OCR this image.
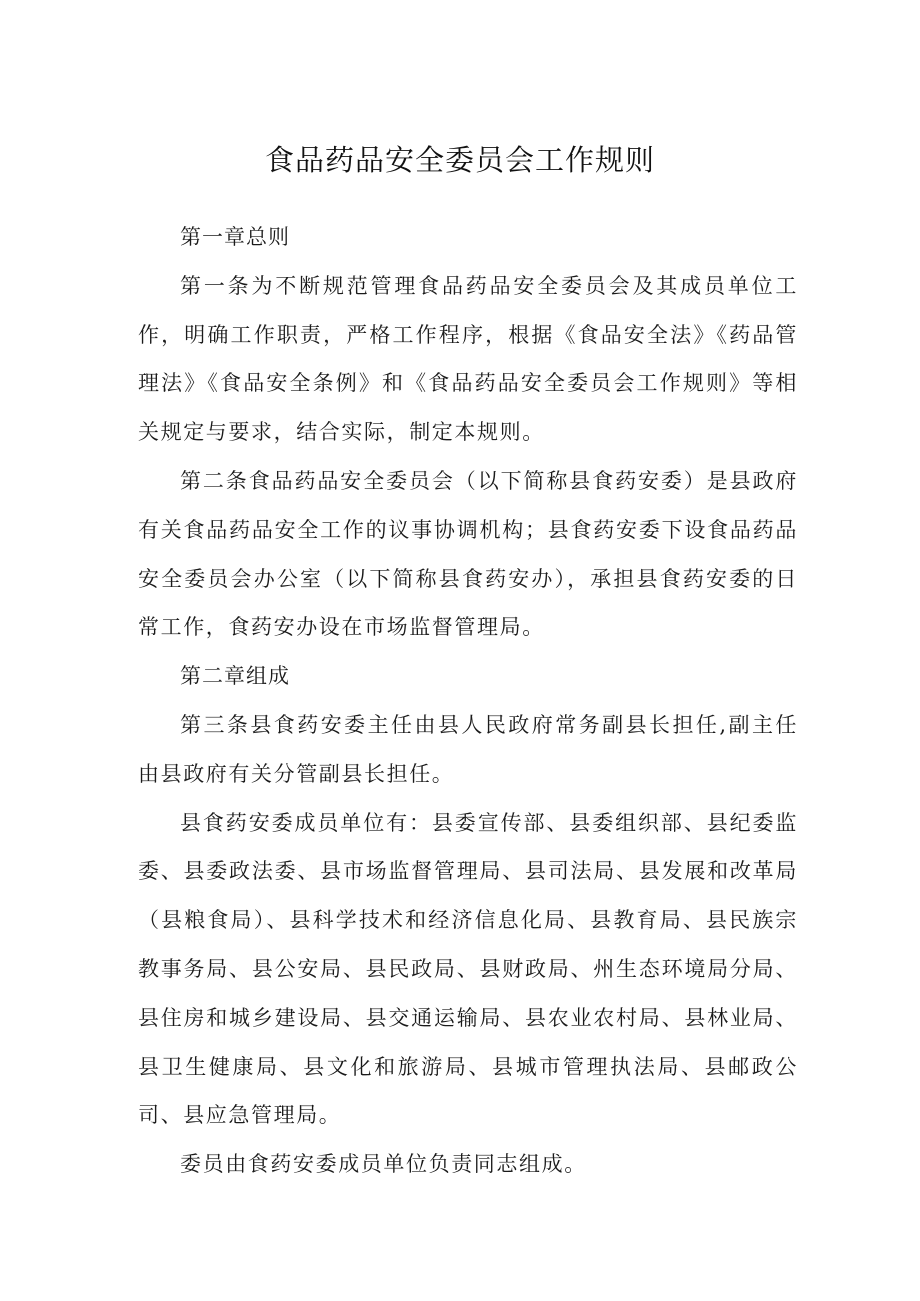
食品药品安全委员会工作规则

第一章总则

第一条为不断规范管理食品药品安全委员会及其成员单位工作，明确工作职责，严格工作程序，根据《食品安全法》《药品管理法》《食品安全条例》和《食品药品安全委员会工作规则》等相关规定与要求，结合实际，制定本规则。

第二条食品药品安全委员会（以下简称县食药安委）是县政府有关食品药品安全工作的议事协调机构；县食药安委下设食品药品安全委员会办公室（以下简称县食药安办），承担县食药安委的日常工作，食药安办设在市场监督管理局。

第二章组成

第三条县食药安委主任由县人民政府常务副县长担任,副主任由县政府有关分管副县长担任。

县食药安委成员单位有：县委宣传部、县委组织部、县纪委监委、县委政法委、县市场监督管理局、县司法局、县发展和改革局（县粮食局）、县科学技术和经济信息化局、县教育局、县民族宗教事务局、县公安局、县民政局、县财政局、州生态环境局分局、县住房和城乡建设局、县交通运输局、县农业农村局、县林业局、县卫生健康局、县文化和旅游局、县城市管理执法局、县邮政公司、县应急管理局。

委员由食药安委成员单位负责同志组成。
